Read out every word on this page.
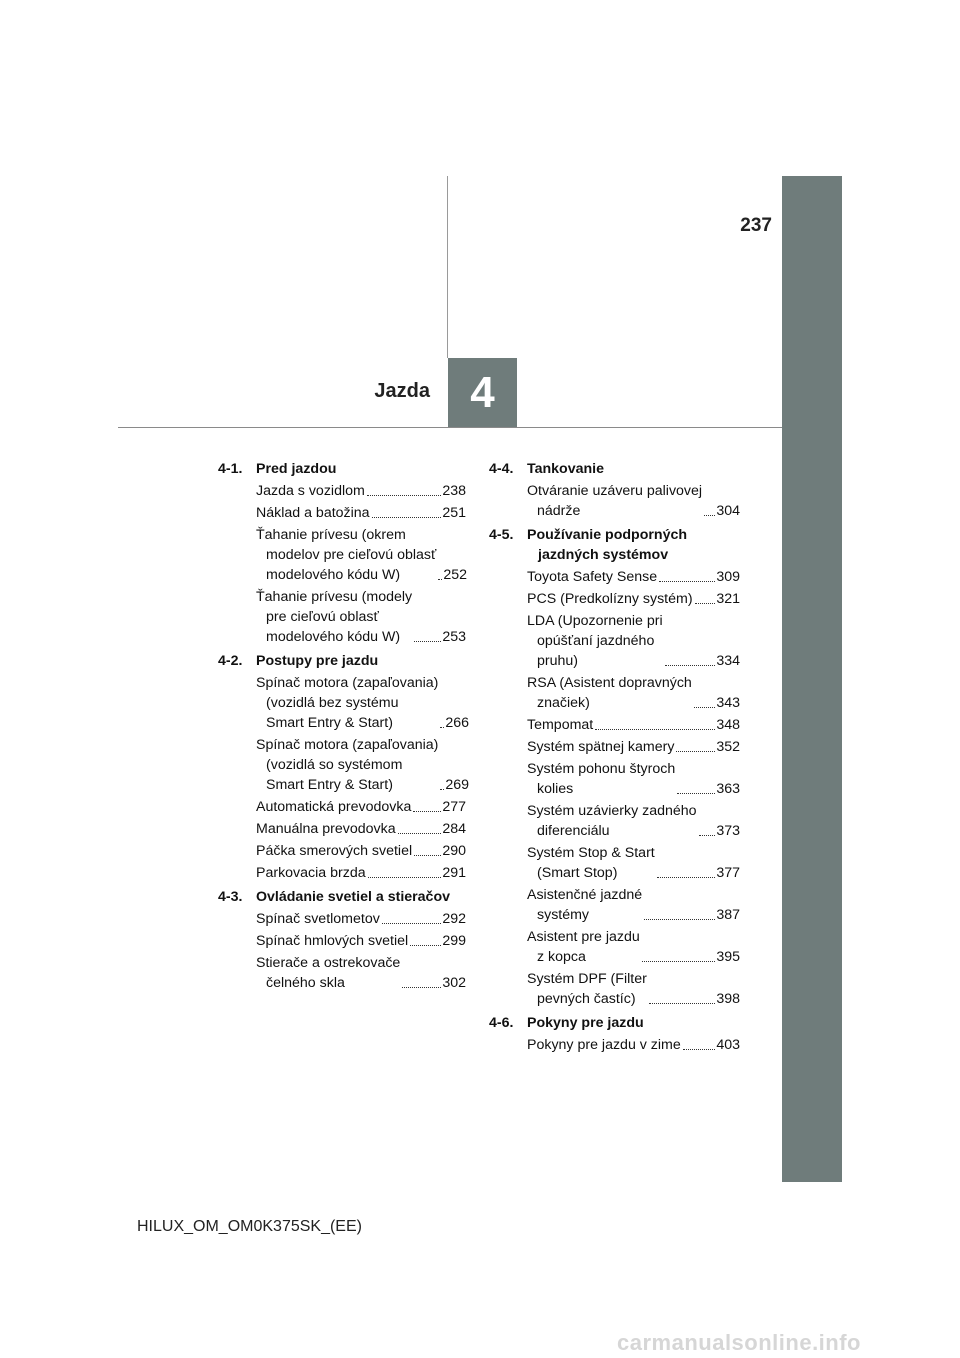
4
Jazda
237
4-1. Pred jazdou
Jazda s vozidlom	238
Náklad a batožina	251
Ťahanie prívesu (okrem
modelov pre cieľovú oblasť
modelového kódu W)	252
Ťahanie prívesu (modely
pre cieľovú oblasť
modelového kódu W)	253
4-2. Postupy pre jazdu
Spínač motora (zapaľovania)
(vozidlá bez systému
Smart Entry & Start)	266
Spínač motora (zapaľovania)
(vozidlá so systémom
Smart Entry & Start)	269
Automatická prevodovka 277
Manuálna prevodovka	284
Páčka smerových svetiel 290
Parkovacia brzda	291
4-3. Ovládanie svetiel a stieračov
Spínač svetlometov	292
Spínač hmlových svetiel 299
Stierače a ostrekovače
čelného skla	302
4-4. Tankovanie
Otváranie uzáveru palivovej
nádrže	304
4-5. Používanie podporných jazdných systémov
Toyota Safety Sense	309
PCS (Predkolízny systém) 321
LDA (Upozornenie pri
opúšťaní jazdného
pruhu)	334
RSA (Asistent dopravných
značiek)	343
Tempomat	348
Systém spätnej kamery	352
Systém pohonu štyroch
kolies	363
Systém uzávierky zadného
diferenciálu	373
Systém Stop & Start
(Smart Stop)	377
Asistenčné jazdné
systémy	387
Asistent pre jazdu
z kopca	395
Systém DPF (Filter
pevných častíc)	398
4-6. Pokyny pre jazdu
Pokyny pre jazdu v zime	403
HILUX_OM_OM0K375SK_(EE)
carmanualsonline.info
